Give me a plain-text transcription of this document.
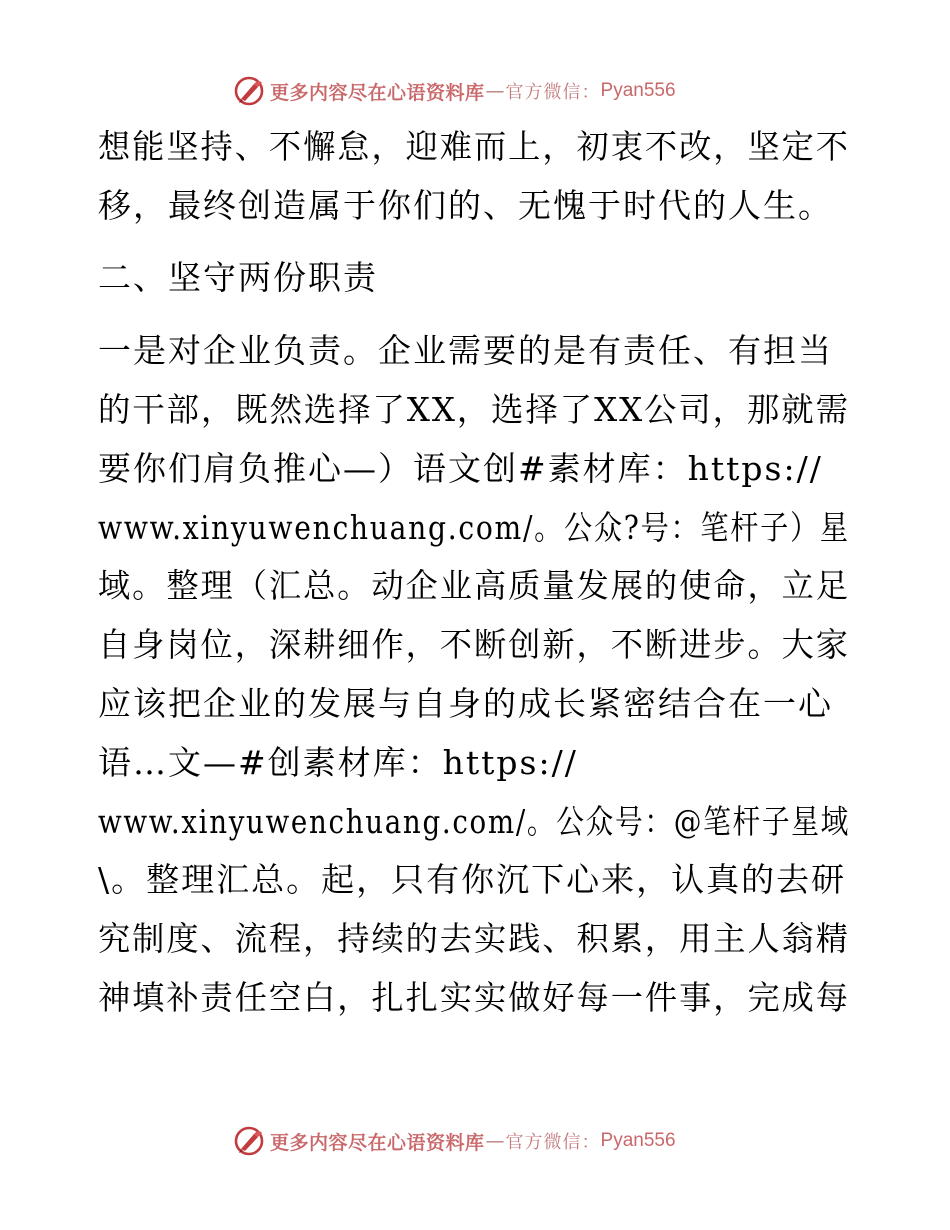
更多内容尽在心语资料库 — 官方微信： Pyan556
想能坚持、不懈怠，迎难而上，初衷不改，坚定不
移，最终创造属于你们的、无愧于时代的人生。
二、坚守两份职责
一是对企业负责。企业需要的是有责任、有担当
的干部，既然选择了XX，选择了XX公司，那就需
要你们肩负推心—）语文创#素材库：https://
www.xinyuwenchuang.com/。公众?号：笔杆子）星
域。整理（汇总。动企业高质量发展的使命，立足
自身岗位，深耕细作，不断创新，不断进步。大家
应该把企业的发展与自身的成长紧密结合在一心
语…文—#创素材库：https://
www.xinyuwenchuang.com/。公众号：@笔杆子星域
\。整理汇总。起，只有你沉下心来，认真的去研
究制度、流程，持续的去实践、积累，用主人翁精
神填补责任空白，扎扎实实做好每一件事，完成每
更多内容尽在心语资料库 — 官方微信： Pyan556
